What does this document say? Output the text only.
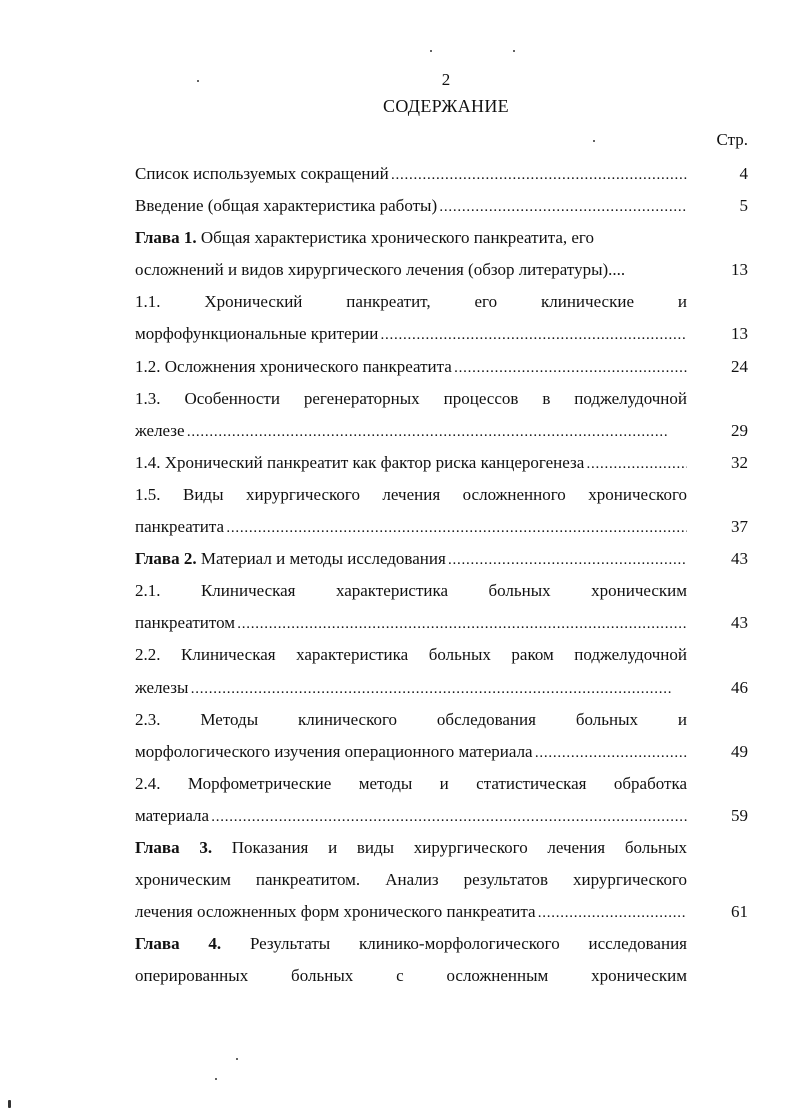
2
СОДЕРЖАНИЕ
Стр.
Список используемых сокращений . . .	4
Введение (общая характеристика работы) . . .	5
Глава 1. Общая характеристика хронического панкреатита, его
осложнений и видов хирургического лечения (обзор литературы)....	13
1.1. Хронический панкреатит, его клинические и
морфофункциональные критерии . . .	13
1.2. Осложнения хронического панкреатита . . .	24
1.3. Особенности регенераторных процессов в поджелудочной
железе . . .	29
1.4. Хронический панкреатит как фактор риска канцерогенеза . . .	32
1.5. Виды хирургического лечения осложненного хронического
панкреатита . . .	37
Глава 2. Материал и методы исследования . . .	43
2.1. Клиническая характеристика больных хроническим
панкреатитом . . .	43
2.2. Клиническая характеристика больных раком поджелудочной
железы . . .	46
2.3. Методы клинического обследования больных и
морфологического изучения операционного материала . . .	49
2.4. Морфометрические методы и статистическая обработка
материала . . .	59
Глава 3. Показания и виды хирургического лечения больных
хроническим панкреатитом. Анализ результатов хирургического
лечения осложненных форм хронического панкреатита . . .	61
Глава 4. Результаты клинико-морфологического исследования
оперированных больных с осложненным хроническим
